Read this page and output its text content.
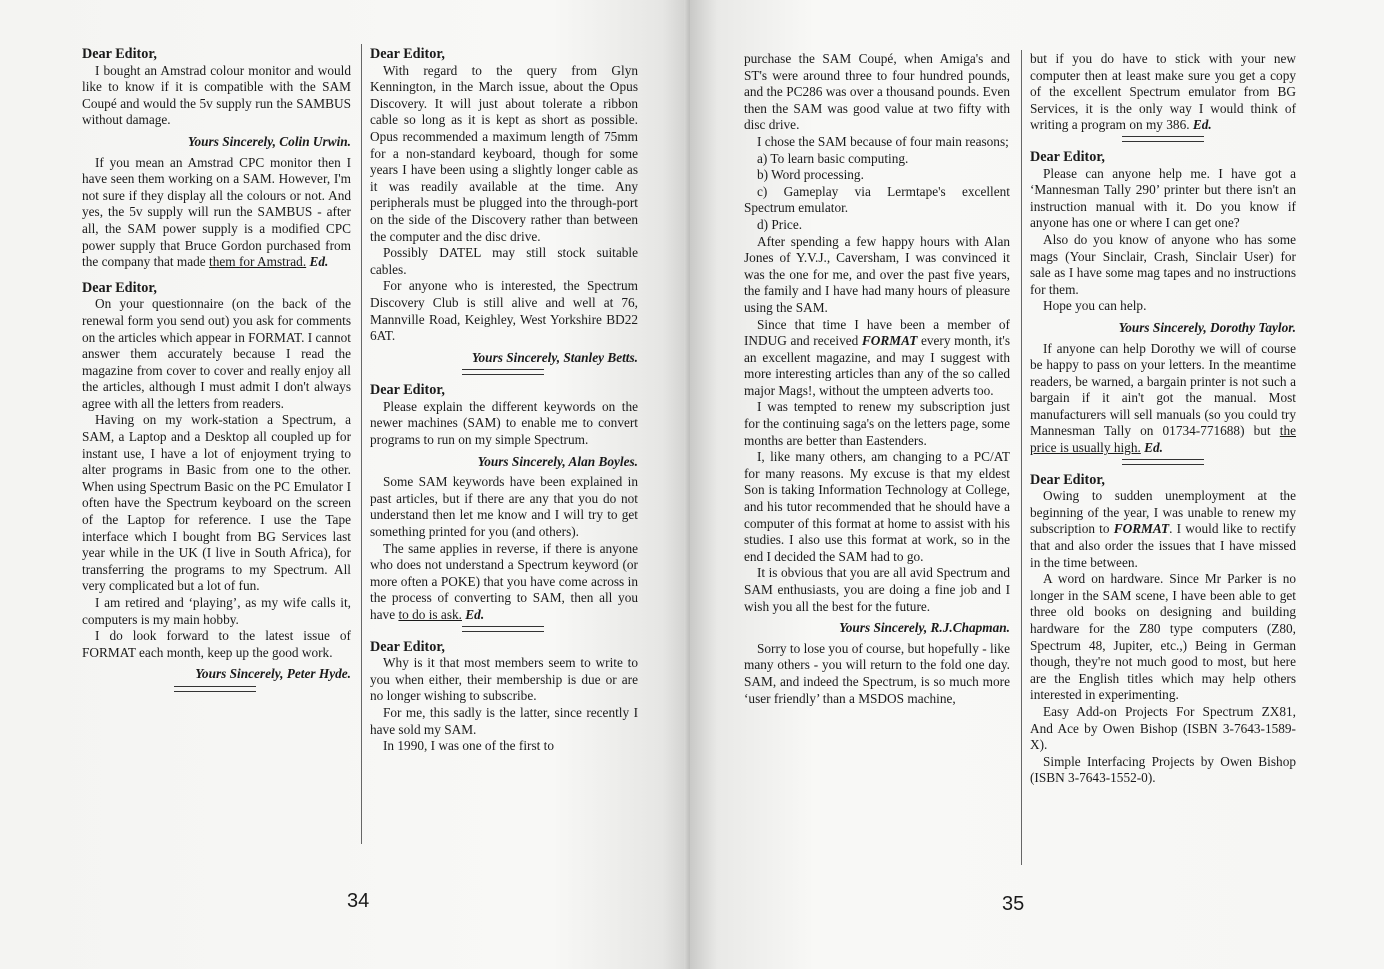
Dear Editor,

I bought an Amstrad colour monitor and would like to know if it is compatible with the SAM Coupé and would the 5v supply run the SAMBUS without damage.

Yours Sincerely, Colin Urwin.

If you mean an Amstrad CPC monitor then I have seen them working on a SAM. However, I'm not sure if they display all the colours or not. And yes, the 5v supply will run the SAMBUS - after all, the SAM power supply is a modified CPC power supply that Bruce Gordon purchased from the company that made them for Amstrad. Ed.

Dear Editor,

On your questionnaire (on the back of the renewal form you send out) you ask for comments on the articles which appear in FORMAT. I cannot answer them accurately because I read the magazine from cover to cover and really enjoy all the articles, although I must admit I don't always agree with all the letters from readers.

Having on my work-station a Spectrum, a SAM, a Laptop and a Desktop all coupled up for instant use, I have a lot of enjoyment trying to alter programs in Basic from one to the other. When using Spectrum Basic on the PC Emulator I often have the Spectrum keyboard on the screen of the Laptop for reference. I use the Tape interface which I bought from BG Services last year while in the UK (I live in South Africa), for transferring the programs to my Spectrum. All very complicated but a lot of fun.

I am retired and ‘playing’, as my wife calls it, computers is my main hobby.

I do look forward to the latest issue of FORMAT each month, keep up the good work.

Yours Sincerely, Peter Hyde.
Dear Editor,

With regard to the query from Glyn Kennington, in the March issue, about the Opus Discovery. It will just about tolerate a ribbon cable so long as it is kept as short as possible. Opus recommended a maximum length of 75mm for a non-standard keyboard, though for some years I have been using a slightly longer cable as it was readily available at the time. Any peripherals must be plugged into the through-port on the side of the Discovery rather than between the computer and the disc drive.

Possibly DATEL may still stock suitable cables.

For anyone who is interested, the Spectrum Discovery Club is still alive and well at 76, Mannville Road, Keighley, West Yorkshire BD22 6AT.

Yours Sincerely, Stanley Betts.
Dear Editor,

Please explain the different keywords on the newer machines (SAM) to enable me to convert programs to run on my simple Spectrum.

Yours Sincerely, Alan Boyles.

Some SAM keywords have been explained in past articles, but if there are any that you do not understand then let me know and I will try to get something printed for you (and others).

The same applies in reverse, if there is anyone who does not understand a Spectrum keyword (or more often a POKE) that you have come across in the process of converting to SAM, then all you have to do is ask. Ed.

Dear Editor,

Why is it that most members seem to write to you when either, their membership is due or are no longer wishing to subscribe.

For me, this sadly is the latter, since recently I have sold my SAM.

In 1990, I was one of the first to

34

purchase the SAM Coupé, when Amiga's and ST's were around three to four hundred pounds, and the PC286 was over a thousand pounds. Even then the SAM was good value at two fifty with disc drive.

I chose the SAM because of four main reasons;

a) To learn basic computing.

b) Word processing.

c) Gameplay via Lermtape's excellent Spectrum emulator.

d) Price.

After spending a few happy hours with Alan Jones of Y.V.J., Caversham, I was convinced it was the one for me, and over the past five years, the family and I have had many hours of pleasure using the SAM.

Since that time I have been a member of INDUG and received FORMAT every month, it's an excellent magazine, and may I suggest with more interesting articles than any of the so called major Mags!, without the umpteen adverts too.

I was tempted to renew my subscription just for the continuing saga's on the letters page, some months are better than Eastenders.

I, like many others, am changing to a PC/AT for many reasons. My excuse is that my eldest Son is taking Information Technology at College, and his tutor recommended that he should have a computer of this format at home to assist with his studies. I also use this format at work, so in the end I decided the SAM had to go.

It is obvious that you are all avid Spectrum and SAM enthusiasts, you are doing a fine job and I wish you all the best for the future.

Yours Sincerely, R.J.Chapman.

Sorry to lose you of course, but hopefully - like many others - you will return to the fold one day. SAM, and indeed the Spectrum, is so much more ‘user friendly’ than a MSDOS machine,

but if you do have to stick with your new computer then at least make sure you get a copy of the excellent Spectrum emulator from BG Services, it is the only way I would think of writing a program on my 386. Ed.

Dear Editor,

Please can anyone help me. I have got a ‘Mannesman Tally 290’ printer but there isn't an instruction manual with it. Do you know if anyone has one or where I can get one?

Also do you know of anyone who has some mags (Your Sinclair, Crash, Sinclair User) for sale as I have some mag tapes and no instructions for them.

Hope you can help.

Yours Sincerely, Dorothy Taylor.

If anyone can help Dorothy we will of course be happy to pass on your letters. In the meantime readers, be warned, a bargain printer is not such a bargain if it ain't got the manual. Most manufacturers will sell manuals (so you could try Mannesman Tally on 01734-771688) but the price is usually high. Ed.

Dear Editor,

Owing to sudden unemployment at the beginning of the year, I was unable to renew my subscription to FORMAT. I would like to rectify that and also order the issues that I have missed in the time between.

A word on hardware. Since Mr Parker is no longer in the SAM scene, I have been able to get three old books on designing and building hardware for the Z80 type computers (Z80, Spectrum 48, Jupiter, etc.,) Being in German though, they're not much good to most, but here are the English titles which may help others interested in experimenting.

Easy Add-on Projects For Spectrum ZX81, And Ace by Owen Bishop (ISBN 3-7643-1589-X).

Simple Interfacing Projects by Owen Bishop (ISBN 3-7643-1552-0).

35
